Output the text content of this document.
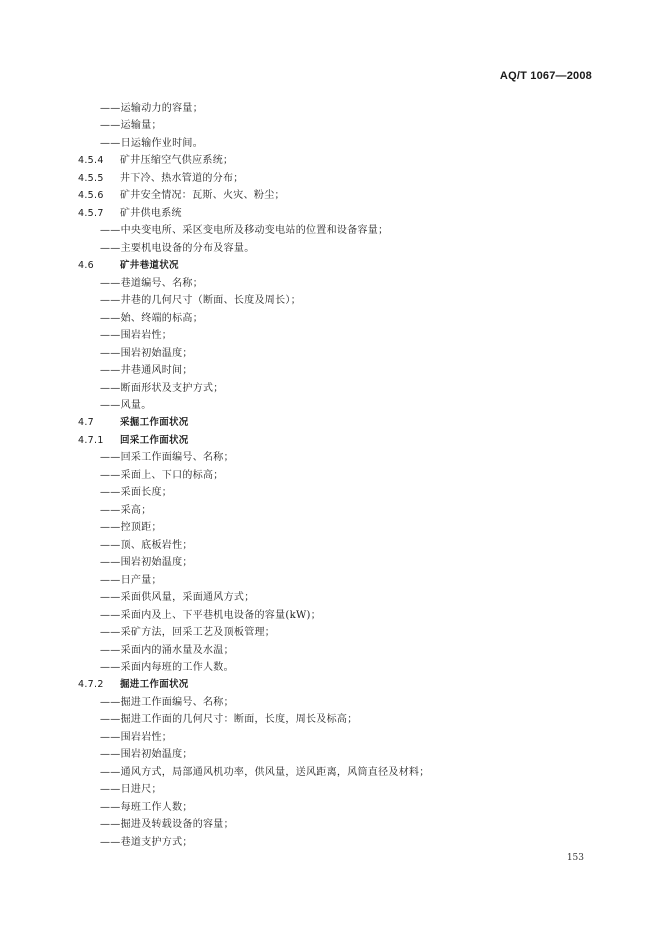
AQ/T 1067—2008
——运输动力的容量；
——运输量；
——日运输作业时间。
4.5.4 矿井压缩空气供应系统；
4.5.5 井下冷、热水管道的分布；
4.5.6 矿井安全情况：瓦斯、火灾、粉尘；
4.5.7 矿井供电系统
——中央变电所、采区变电所及移动变电站的位置和设备容量；
——主要机电设备的分布及容量。
4.6	矿井巷道状况
——巷道编号、名称；
——井巷的几何尺寸（断面、长度及周长）；
——始、终端的标高；
——围岩岩性；
——围岩初始温度；
——井巷通风时间；
——断面形状及支护方式；
——风量。
4.7	采掘工作面状况
4.7.1 回采工作面状况
——回采工作面编号、名称；
——采面上、下口的标高；
——采面长度；
——采高；
——控顶距；
——顶、底板岩性；
——围岩初始温度；
——日产量；
——采面供风量，采面通风方式；
——采面内及上、下平巷机电设备的容量(kW)；
——采矿方法，回采工艺及顶板管理；
——采面内的涌水量及水温；
——采面内每班的工作人数。
4.7.2 掘进工作面状况
——掘进工作面编号、名称；
——掘进工作面的几何尺寸：断面，长度，周长及标高；
——围岩岩性；
——围岩初始温度；
——通风方式，局部通风机功率，供风量，送风距离，风筒直径及材料；
——日进尺；
——每班工作人数；
——掘进及转载设备的容量；
——巷道支护方式；
153
